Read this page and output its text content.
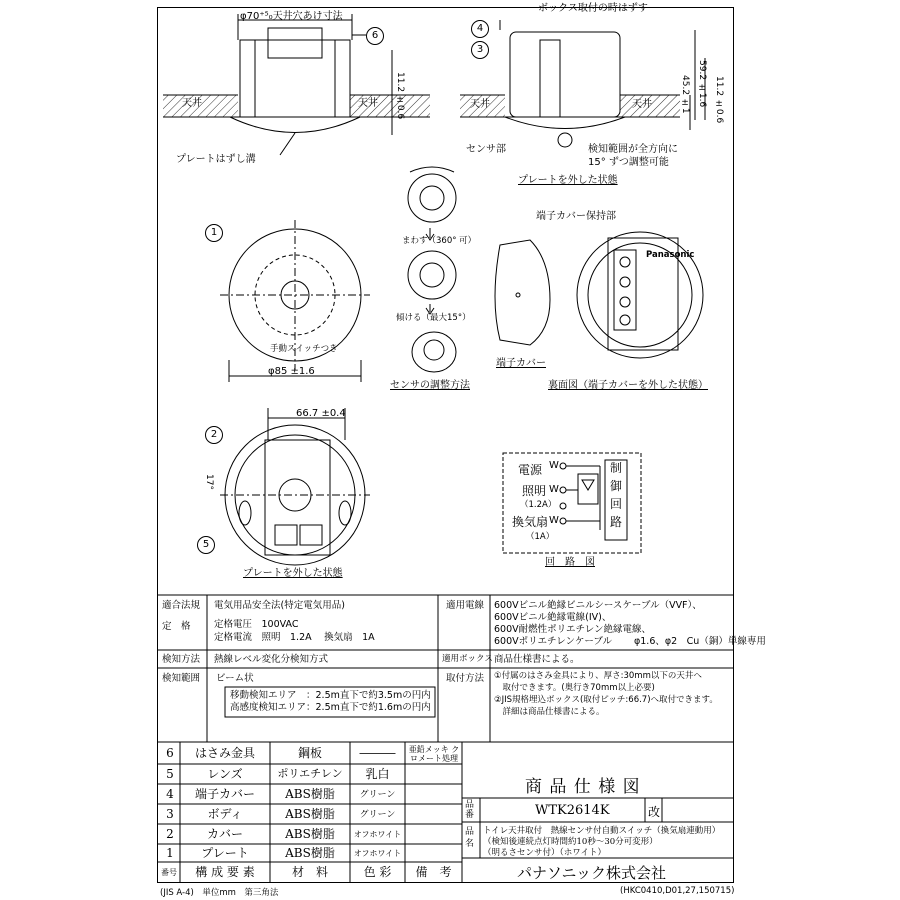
φ70⁺⁵₀天井穴あけ寸法
天井	天井
プレートはずし溝
11.2 ±0.6
6
ボックス取付の時はずす
天井	天井
センサ部	検知範囲が全方向に
15° ずつ調整可能
プレートを外した状態
45.2 ±1 59.2 ±1.6 11.2 ±0.6
4
3
1
手動スイッチつき
φ85 ±1.6
まわす（360° 可）
傾ける（最大15°）
センサの調整方法
端子カバー保持部
端子カバー
裏面図（端子カバーを外した状態）
Panasonic
66.7 ±0.4
17°
2
5
プレートを外した状態
電源
照明
（1.2A）
換気扇
（1A）
W
W
W
制
御
回
路
回　路　図
適合法規 電気用品安全法(特定電気用品)
定　格 定格電圧　100VAC
定格電流　照明　1.2A　 換気扇　1A
適用電線 600Vビニル絶縁ビニルシースケーブル（VVF）、
600Vビニル絶縁電線(IV)、
600V耐燃性ポリエチレン絶縁電線、
600Vポリエチレンケーブル　　 φ1.6、φ2　Cu（銅）単線専用
検知方法 熱線レベル変化分検知方式	適用ボックス 商品仕様書による。
検知範囲 ビーム状
移動検知エリア　：2.5m直下で約3.5mの円内
高感度検知エリア：2.5m直下で約1.6mの円内
取付方法 ①付属のはさみ金具により、厚さ:30mm以下の天井へ
　取付できます。(奥行き70mm以上必要)
②JIS規格埋込ボックス(取付ピッチ:66.7)へ取付できます。
　詳細は商品仕様書による。
6	はさみ金具	鋼板	―――	亜鉛メッキ クロメート処理
5	レンズ	ポリエチレン	乳白
4	端子カバー	ABS樹脂	グリーン
3	ボディ	ABS樹脂	グリーン
2	カバー	ABS樹脂	オフホワイト
1	プレート	ABS樹脂	オフホワイト
番号	構 成 要 素	材　料	色 彩	備　考
商 品 仕 様 図
品番	WTK2614K	改
品名
トイレ天井取付　熱線センサ付自動スイッチ（換気扇連動用）
（検知後連続点灯時間約10秒〜30分可変形）
（明るさセンサ付）（ホワイト）
パナソニック株式会社
(JIS A-4)　単位mm　第三角法	(HKC0410,D01,27,150715)
